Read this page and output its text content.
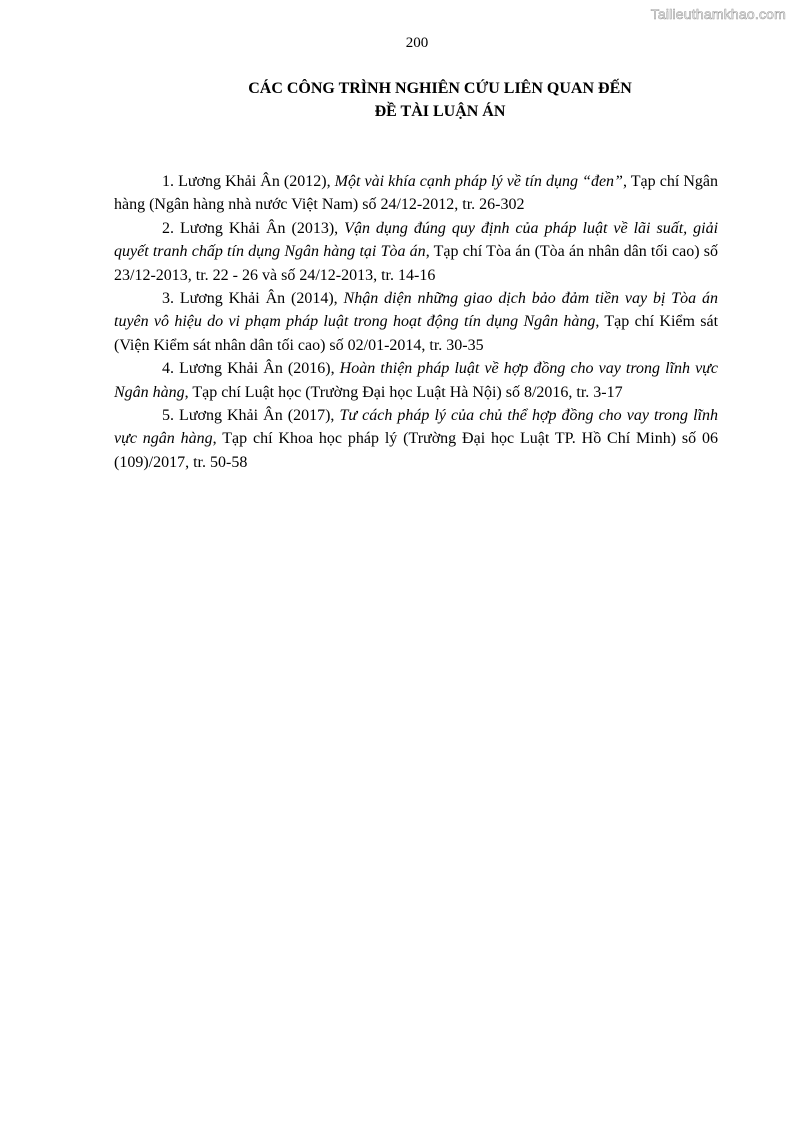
Tailieuthamkhao.com
200
CÁC CÔNG TRÌNH NGHIÊN CỨU LIÊN QUAN ĐẾN
ĐỀ TÀI LUẬN ÁN

1. Lương Khải Ân (2012), Một vài khía cạnh pháp lý về tín dụng “đen”, Tạp chí Ngân hàng (Ngân hàng nhà nước Việt Nam) số 24/12-2012, tr. 26-302

2. Lương Khải Ân (2013), Vận dụng đúng quy định của pháp luật về lãi suất, giải quyết tranh chấp tín dụng Ngân hàng tại Tòa án, Tạp chí Tòa án (Tòa án nhân dân tối cao) số 23/12-2013, tr. 22 - 26 và số 24/12-2013, tr. 14-16

3. Lương Khải Ân (2014), Nhận diện những giao dịch bảo đảm tiền vay bị Tòa án tuyên vô hiệu do vi phạm pháp luật trong hoạt động tín dụng Ngân hàng, Tạp chí Kiểm sát (Viện Kiểm sát nhân dân tối cao) số 02/01-2014, tr. 30-35

4. Lương Khải Ân (2016), Hoàn thiện pháp luật về hợp đồng cho vay trong lĩnh vực Ngân hàng, Tạp chí Luật học (Trường Đại học Luật Hà Nội) số 8/2016, tr. 3-17

5. Lương Khải Ân (2017), Tư cách pháp lý của chủ thể hợp đồng cho vay trong lĩnh vực ngân hàng, Tạp chí Khoa học pháp lý (Trường Đại học Luật TP. Hồ Chí Minh) số 06 (109)/2017, tr. 50-58
